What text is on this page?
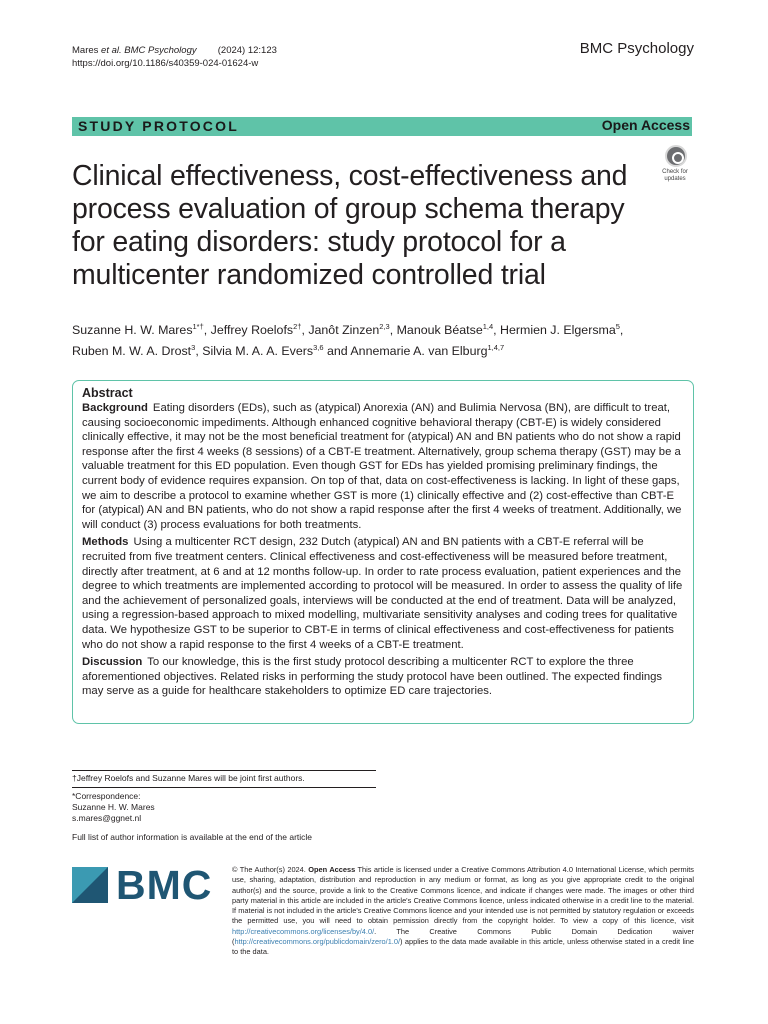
Mares et al. BMC Psychology (2024) 12:123
https://doi.org/10.1186/s40359-024-01624-w
BMC Psychology
STUDY PROTOCOL	Open Access
Check for updates
Clinical effectiveness, cost-effectiveness and process evaluation of group schema therapy for eating disorders: study protocol for a multicenter randomized controlled trial
Suzanne H. W. Mares$^{1*\dagger}$, Jeffrey Roelofs$^{2\dagger}$, Janôt Zinzen$^{2,3}$, Manouk Béatse$^{1,4}$, Hermien J. Elgersma$^5$,
Ruben M. W. A. Drost$^3$, Silvia M. A. A. Evers$^{3,6}$ and Annemarie A. van Elburg$^{1,4,7}$
Abstract

Background Eating disorders (EDs), such as (atypical) Anorexia (AN) and Bulimia Nervosa (BN), are difficult to treat, causing socioeconomic impediments. Although enhanced cognitive behavioral therapy (CBT-E) is widely considered clinically effective, it may not be the most beneficial treatment for (atypical) AN and BN patients who do not show a rapid response after the first 4 weeks (8 sessions) of a CBT-E treatment. Alternatively, group schema therapy (GST) may be a valuable treatment for this ED population. Even though GST for EDs has yielded promising preliminary findings, the current body of evidence requires expansion. On top of that, data on cost-effectiveness is lacking. In light of these gaps, we aim to describe a protocol to examine whether GST is more (1) clinically effective and (2) cost-effective than CBT-E for (atypical) AN and BN patients, who do not show a rapid response after the first 4 weeks of treatment. Additionally, we will conduct (3) process evaluations for both treatments.

Methods Using a multicenter RCT design, 232 Dutch (atypical) AN and BN patients with a CBT-E referral will be recruited from five treatment centers. Clinical effectiveness and cost-effectiveness will be measured before treatment, directly after treatment, at 6 and at 12 months follow-up. In order to rate process evaluation, patient experiences and the degree to which treatments are implemented according to protocol will be measured. In order to assess the quality of life and the achievement of personalized goals, interviews will be conducted at the end of treatment. Data will be analyzed, using a regression-based approach to mixed modelling, multivariate sensitivity analyses and coding trees for qualitative data. We hypothesize GST to be superior to CBT-E in terms of clinical effectiveness and cost-effectiveness for patients who do not show a rapid response to the first 4 weeks of a CBT-E treatment.

Discussion To our knowledge, this is the first study protocol describing a multicenter RCT to explore the three aforementioned objectives. Related risks in performing the study protocol have been outlined. The expected findings may serve as a guide for healthcare stakeholders to optimize ED care trajectories.

†Jeffrey Roelofs and Suzanne Mares will be joint first authors.
*Correspondence:
Suzanne H. W. Mares
s.mares@ggnet.nl
Full list of author information is available at the end of the article
BMC	© The Author(s) 2024. Open Access This article is licensed under a Creative Commons Attribution 4.0 International License, which permits use, sharing, adaptation, distribution and reproduction in any medium or format, as long as you give appropriate credit to the original author(s) and the source, provide a link to the Creative Commons licence, and indicate if changes were made. The images or other third party material in this article are included in the article's Creative Commons licence, unless indicated otherwise in a credit line to the material. If material is not included in the article's Creative Commons licence and your intended use is not permitted by statutory regulation or exceeds the permitted use, you will need to obtain permission directly from the copyright holder. To view a copy of this licence, visit http://creativecommons.org/licenses/by/4.0/. The Creative Commons Public Domain Dedication waiver (http://creativecommons.org/publicdomain/zero/1.0/) applies to the data made available in this article, unless otherwise stated in a credit line to the data.
